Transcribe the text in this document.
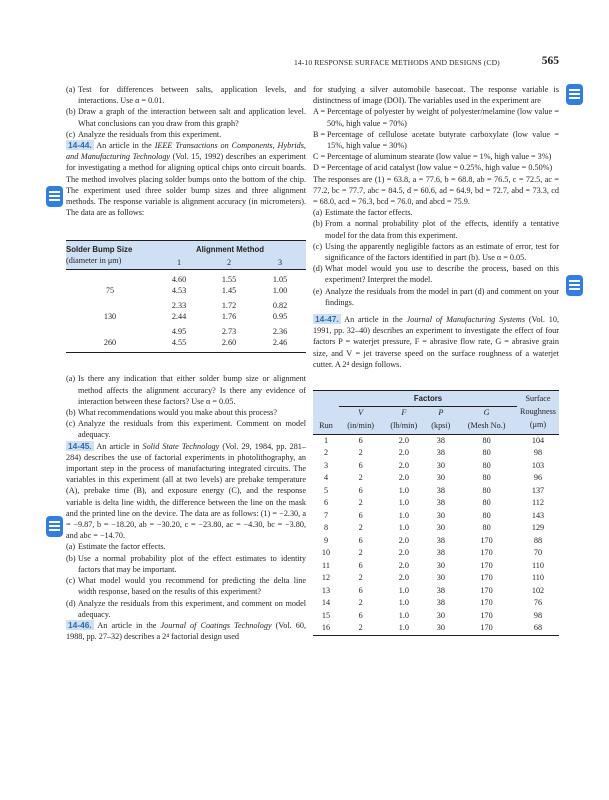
14-10 RESPONSE SURFACE METHODS AND DESIGNS (CD)	565
(a) Test for differences between salts, application levels, and interactions. Use α = 0.01.
(b) Draw a graph of the interaction between salt and application level. What conclusions can you draw from this graph?
(c) Analyze the residuals from this experiment.
14-44. An article in the IEEE Transactions on Components, Hybrids, and Manufacturing Technology (Vol. 15, 1992) describes an experiment for investigating a method for aligning optical chips onto circuit boards. The method involves placing solder bumps onto the bottom of the chip. The experiment used three solder bump sizes and three alignment methods. The response variable is alignment accuracy (in micrometers). The data are as follows:
Solder Bump Size	Alignment Method		
(diameter in μm)	1	2	3
	4.60	1.55	1.05
75	4.53	1.45	1.00
	2.33	1.72	0.82
130	2.44	1.76	0.95
	4.95	2.73	2.36
260	4.55	2.60	2.46
(a) Is there any indication that either solder bump size or alignment method affects the alignment accuracy? Is there any evidence of interaction between these factors? Use α = 0.05.
(b) What recommendations would you make about this process?
(c) Analyze the residuals from this experiment. Comment on model adequacy.
14-45. An article in Solid State Technology (Vol. 29, 1984, pp. 281–284) describes the use of factorial experiments in photolithography, an important step in the process of manufacturing integrated circuits. The variables in this experiment (all at two levels) are prebake temperature (A), prebake time (B), and exposure energy (C), and the response variable is delta line width, the difference between the line on the mask and the printed line on the device. The data are as follows: (1) = −2.30, a = −9.87, b = −18.20, ab = −30.20, c = −23.80, ac = −4.30, bc = −3.80, and abc = −14.70.
(a) Estimate the factor effects.
(b) Use a normal probability plot of the effect estimates to identity factors that may be important.
(c) What model would you recommend for predicting the delta line width response, based on the results of this experiment?
(d) Analyze the residuals from this experiment, and comment on model adequacy.
14-46. An article in the Journal of Coatings Technology (Vol. 60, 1988, pp. 27–32) describes a 2⁴ factorial design used
for studying a silver automobile basecoat. The response variable is distinctness of image (DOI). The variables used in the experiment are
A = Percentage of polyester by weight of polyester/melamine (low value = 50%, high value = 70%)
B = Percentage of cellulose acetate butyrate carboxylate (low value = 15%, high value = 30%)
C = Percentage of aluminum stearate (low value = 1%, high value = 3%)
D = Percentage of acid catalyst (low value = 0.25%, high value = 0.50%)
The responses are (1) = 63.8, a = 77.6, b = 68.8, ab = 76.5, c = 72.5, ac = 77.2, bc = 77.7, abc = 84.5, d = 60.6, ad = 64.9, bd = 72.7, abd = 73.3, cd = 68.0, acd = 76.3, bcd = 76.0, and abcd = 75.9.
(a) Estimate the factor effects.
(b) From a normal probability plot of the effects, identify a tentative model for the data from this experiment.
(c) Using the apparently negligible factors as an estimate of error, test for significance of the factors identified in part (b). Use α = 0.05.
(d) What model would you use to describe the process, based on this experiment? Interpret the model.
(e) Analyze the residuals from the model in part (d) and comment on your findings.
14-47. An article in the Journal of Manufacturing Systems (Vol. 10, 1991, pp. 32–40) describes an experiment to investigate the effect of four factors P = waterjet pressure, F = abrasive flow rate, G = abrasive grain size, and V = jet traverse speed on the surface roughness of a waterjet cutter. A 2⁴ design follows.
	Factors				Surface
	V	F	P	G	Roughness
Run	(in/min)	(lb/min)	(kpsi)	(Mesh No.)	(μm)
1	6	2.0	38	80	104
2	2	2.0	38	80	98
3	6	2.0	30	80	103
4	2	2.0	30	80	96
5	6	1.0	38	80	137
6	2	1.0	38	80	112
7	6	1.0	30	80	143
8	2	1.0	30	80	129
9	6	2.0	38	170	88
10	2	2.0	38	170	70
11	6	2.0	30	170	110
12	2	2.0	30	170	110
13	6	1.0	38	170	102
14	2	1.0	38	170	76
15	6	1.0	30	170	98
16	2	1.0	30	170	68
